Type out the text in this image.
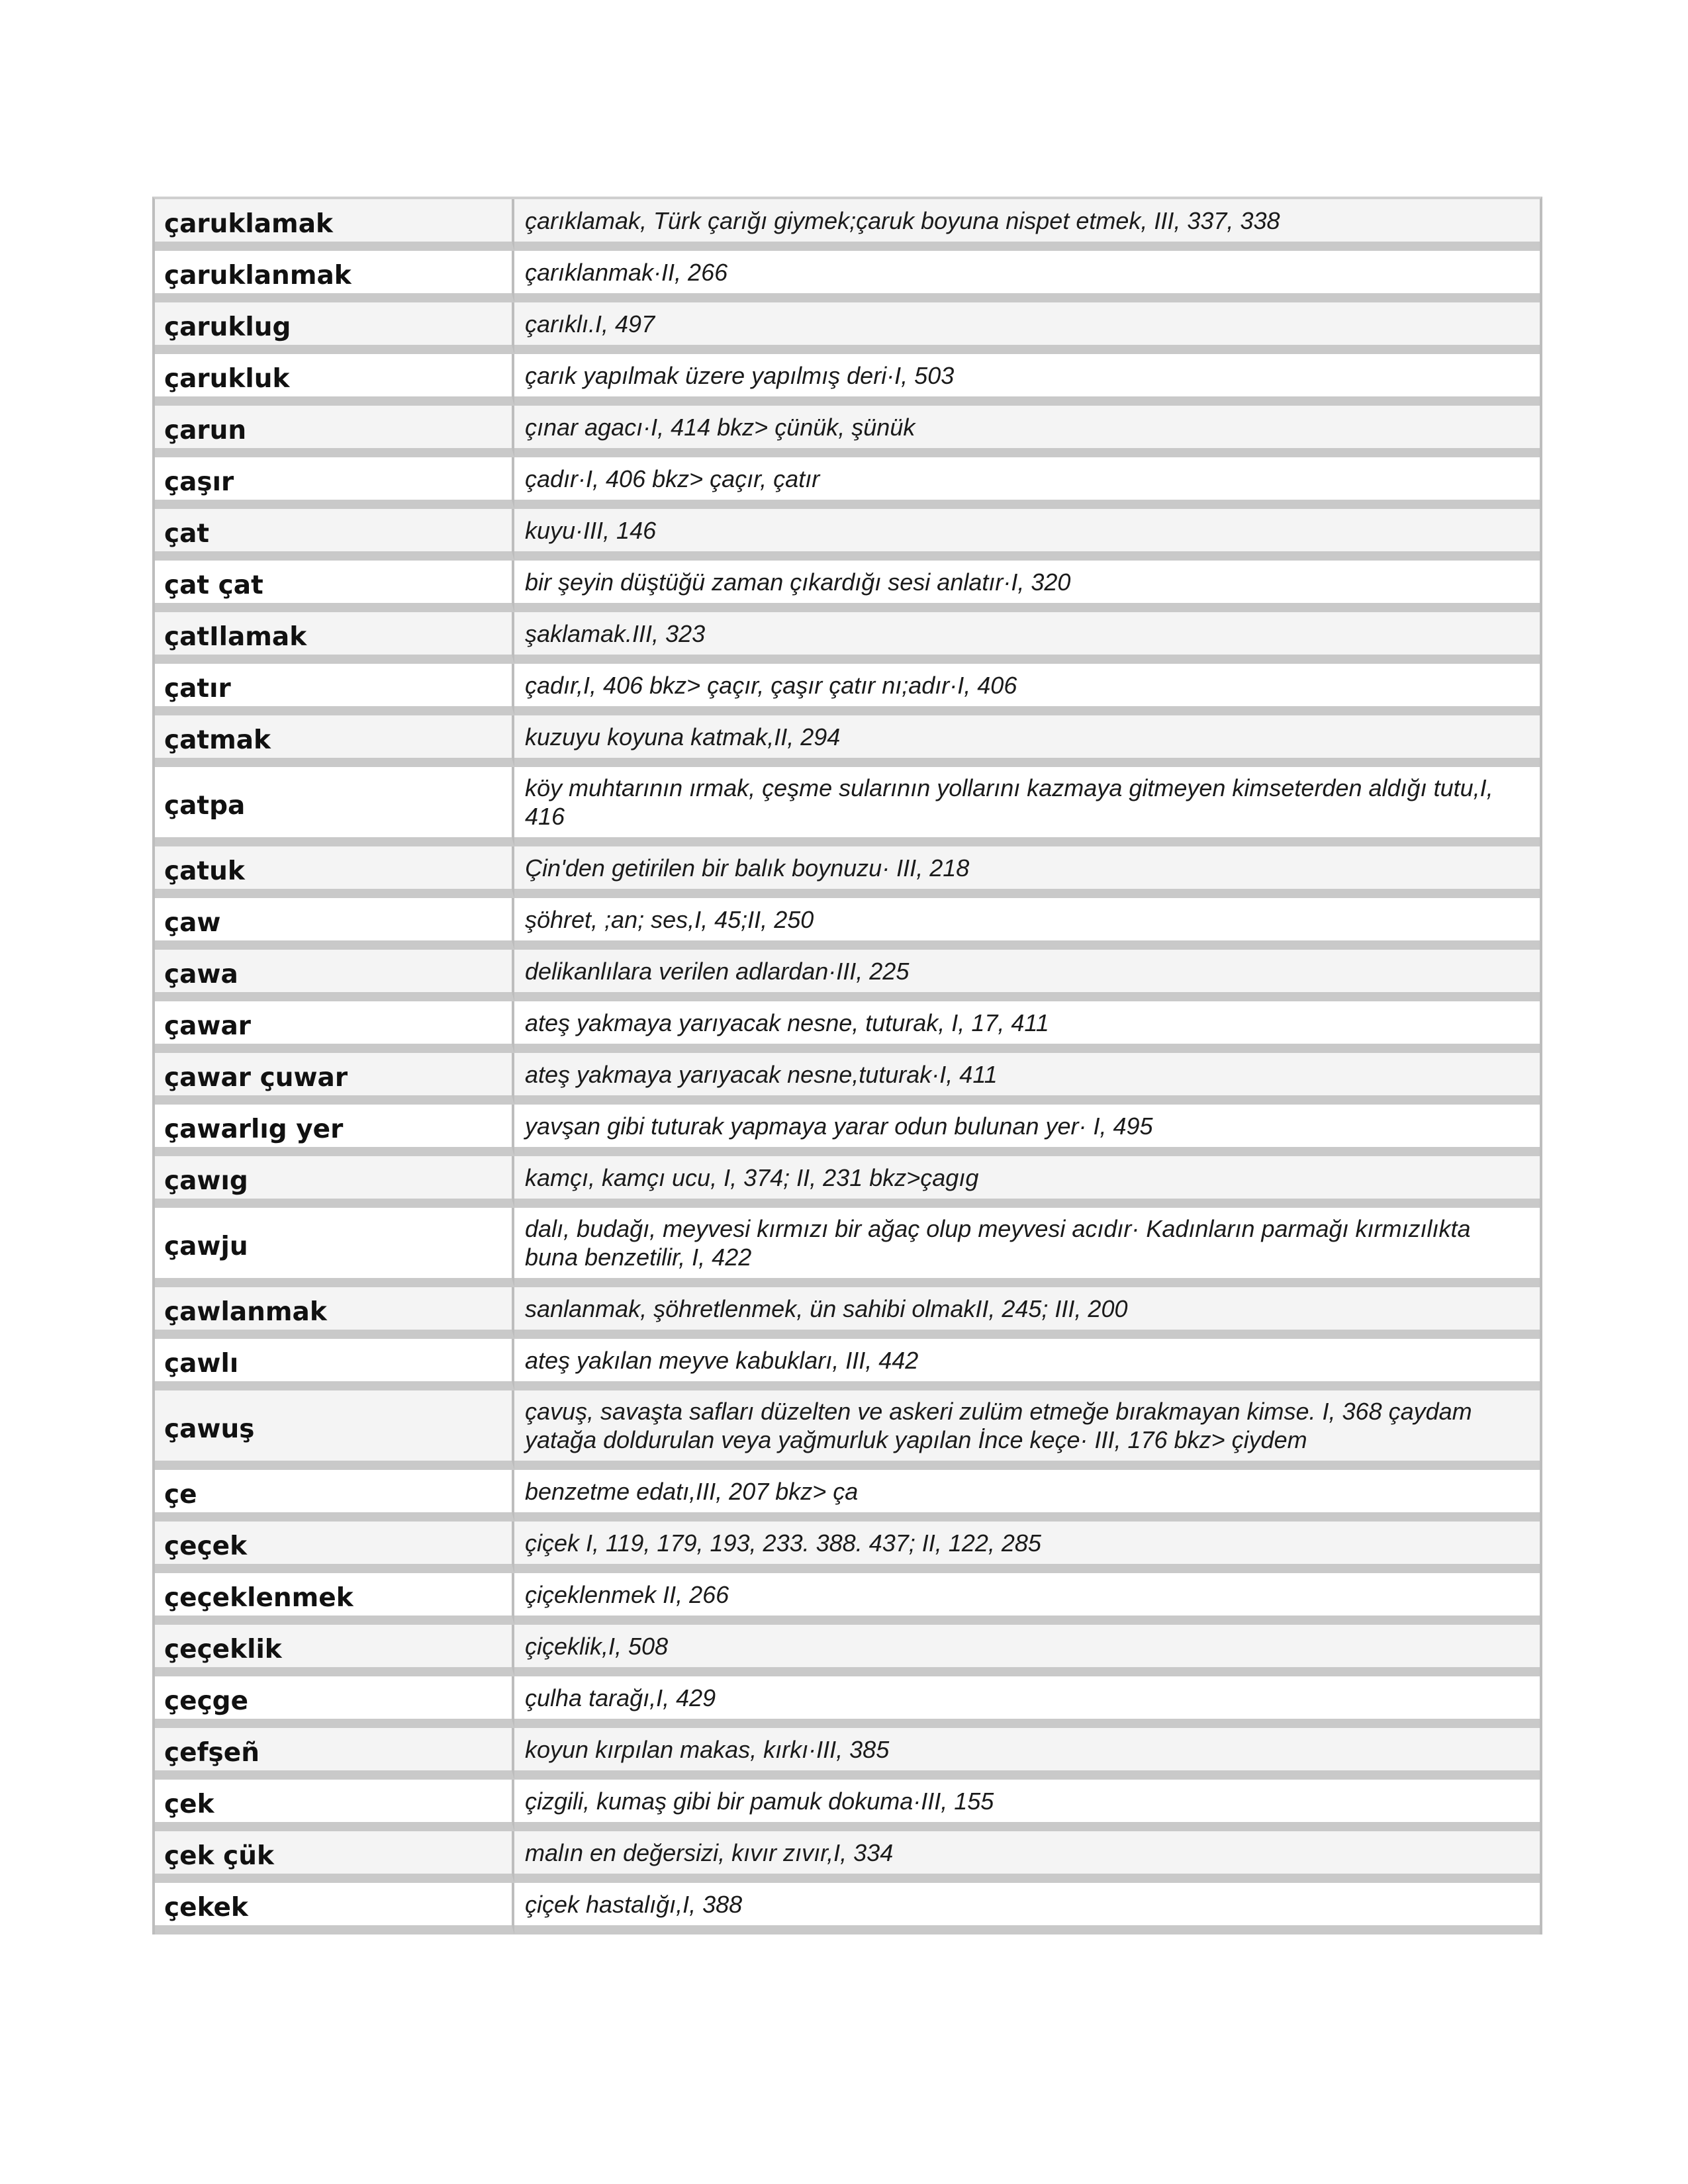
çaruklamak	çarıklamak, Türk çarığı giymek;çaruk boyuna nispet etmek, III, 337, 338
çaruklanmak	çarıklanmak·II, 266
çaruklug	çarıklı.I, 497
çarukluk	çarık yapılmak üzere yapılmış deri·I, 503
çarun	çınar agacı·I, 414 bkz> çünük, şünük
çaşır	çadır·I, 406 bkz> çaçır, çatır
çat	kuyu·III, 146
çat çat	bir şeyin düştüğü zaman çıkardığı sesi anlatır·I, 320
çatIlamak	şaklamak.III, 323
çatır	çadır,I, 406 bkz> çaçır, çaşır çatır nı;adır·I, 406
çatmak	kuzuyu koyuna katmak,II, 294
çatpa	köy muhtarının ırmak, çeşme sularının yollarını kazmaya gitmeyen kimseterden aldığı tutu,I, 416
çatuk	Çin'den getirilen bir balık boynuzu· III, 218
çaw	şöhret, ;an; ses,I, 45;II, 250
çawa	delikanlılara verilen adlardan·III, 225
çawar	ateş yakmaya yarıyacak nesne, tuturak, I, 17, 411
çawar çuwar	ateş yakmaya yarıyacak nesne,tuturak·I, 411
çawarlıg yer	yavşan gibi tuturak yapmaya yarar odun bulunan yer· I, 495
çawıg	kamçı, kamçı ucu, I, 374; II, 231 bkz>çagıg
çawju	dalı, budağı, meyvesi kırmızı bir ağaç olup meyvesi acıdır· Kadınların parmağı kırmızılıkta buna benzetilir, I, 422
çawlanmak	sanlanmak, şöhretlenmek, ün sahibi olmakII, 245; III, 200
çawlı	ateş yakılan meyve kabukları, III, 442
çawuş	çavuş, savaşta safları düzelten ve askeri zulüm etmeğe bırakmayan kimse. I, 368 çaydam yatağa doldurulan veya yağmurluk yapılan İnce keçe· III, 176 bkz> çiydem
çe	benzetme edatı,III, 207 bkz> ça
çeçek	çiçek I, 119, 179, 193, 233. 388. 437; II, 122, 285
çeçeklenmek	çiçeklenmek II, 266
çeçeklik	çiçeklik,I, 508
çeçge	çulha tarağı,I, 429
çefşeñ	koyun kırpılan makas, kırkı·III, 385
çek	çizgili, kumaş gibi bir pamuk dokuma·III, 155
çek çük	malın en değersizi, kıvır zıvır,I, 334
çekek	çiçek hastalığı,I, 388
